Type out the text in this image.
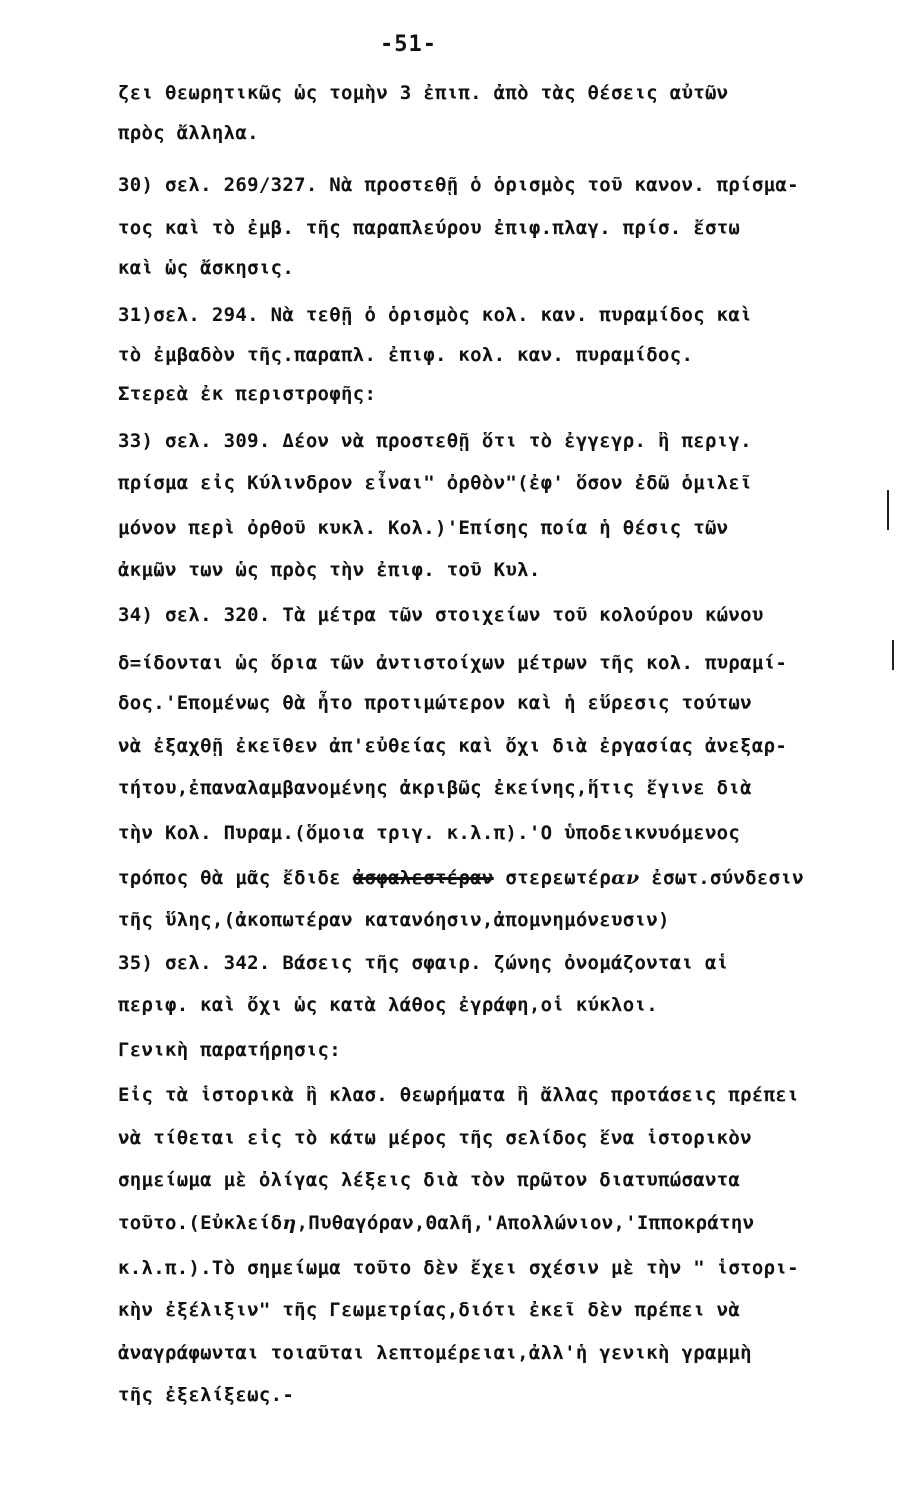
-51-
ζει θεωρητικῶς ὡς τομὴν 3 ἐπιπ. ἀπὸ τὰς θέσεις αὐτῶν
πρὸς ἄλληλα.
30) σελ. 269/327. Νὰ προστεθῇ ὁ ὁρισμὸς τοῦ κανον. πρίσμα-
τος καὶ τὸ ἐμβ. τῆς παραπλεύρου ἐπιφ.πλαγ. πρίσ. ἔστω
καὶ ὡς ἄσκησις.
31)σελ. 294. Νὰ τεθῇ ὁ ὁρισμὸς κολ. καν. πυραμίδος καὶ
τὸ ἐμβαδὸν τῆς.παραπλ. ἐπιφ. κολ. καν. πυραμίδος.
Στερεὰ ἐκ περιστροφῆς:
33) σελ. 309. Δέον νὰ προστεθῇ ὅτι τὸ ἐγγεγρ. ἢ περιγ.
πρίσμα εἰς Κύλινδρον εἶναι" ὀρθὸν"(ἐφ' ὅσον ἐδῶ ὁμιλεῖ
μόνον περὶ ὀρθοῦ κυκλ. Κολ.)'Επίσης ποία ἡ θέσις τῶν
ἀκμῶν των ὡς πρὸς τὴν ἐπιφ. τοῦ Κυλ.
34) σελ. 320. Τὰ μέτρα τῶν στοιχείων τοῦ κολούρου κώνου
δ=ίδονται ὡς ὅρια τῶν ἀντιστοίχων μέτρων τῆς κολ. πυραμί-
δος.'Επομένως θὰ ἦτο προτιμώτερον καὶ ἡ εὕρεσις τούτων
νὰ ἐξαχθῇ ἐκεῖθεν ἀπ'εὐθείας καὶ ὄχι διὰ ἐργασίας ἀνεξαρ-
τήτου,ἐπαναλαμβανομένης ἀκριβῶς ἐκείνης,ἥτις ἔγινε διὰ
τὴν Κολ. Πυραμ.(ὅμοια τριγ. κ.λ.π).'Ο ὑποδεικνυόμενος
τρόπος θὰ μᾶς ἔδιδε ἀσφαλεστέραν στερεωτέραν ἐσωτ.σύνδεσιν
τῆς ὕλης,(ἀκοπωτέραν κατανόησιν,ἀπομνημόνευσιν)
35) σελ. 342. Βάσεις τῆς σφαιρ. ζώνης ὀνομάζονται αἱ
περιφ. καὶ ὄχι ὡς κατὰ λάθος ἐγράφη,οἱ κύκλοι.
Γενικὴ παρατήρησις:
Εἰς τὰ ἱστορικὰ ἢ κλασ. θεωρήματα ἢ ἄλλας προτάσεις πρέπει
νὰ τίθεται εἰς τὸ κάτω μέρος τῆς σελίδος ἕνα ἱστορικὸν
σημείωμα μὲ ὀλίγας λέξεις διὰ τὸν πρῶτον διατυπώσαντα
τοῦτο.(Εὐκλείδη,Πυθαγόραν,Θαλῆ,'Απολλώνιον,'Ιπποκράτην
κ.λ.π.).Τὸ σημείωμα τοῦτο δὲν ἔχει σχέσιν μὲ τὴν " ἱστορι-
κὴν ἐξέλιξιν" τῆς Γεωμετρίας,διότι ἐκεῖ δὲν πρέπει νὰ
ἀναγράφωνται τοιαῦται λεπτομέρειαι,ἀλλ'ἡ γενικὴ γραμμὴ
τῆς ἐξελίξεως.-
